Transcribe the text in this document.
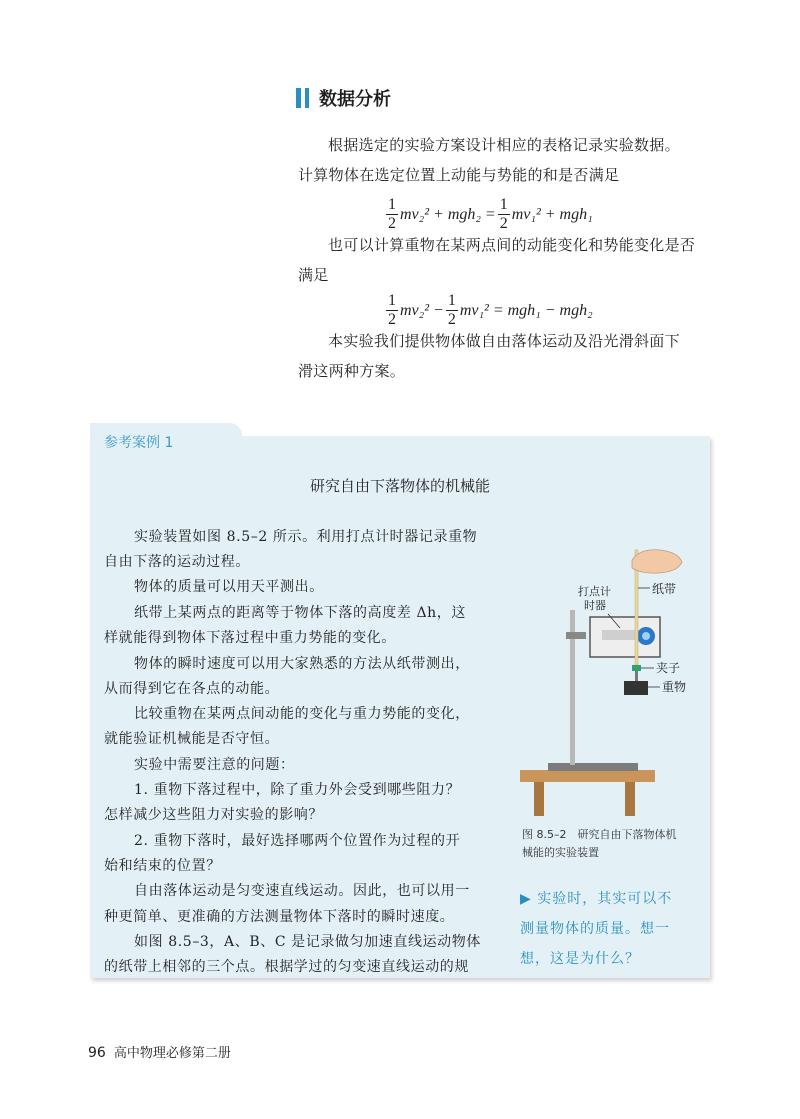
数据分析
根据选定的实验方案设计相应的表格记录实验数据。
计算物体在选定位置上动能与势能的和是否满足
$\frac{1}{2} mv_2^2 + mgh_2 = \frac{1}{2} mv_1^2 + mgh_1$
也可以计算重物在某两点间的动能变化和势能变化是否
满足
$\frac{1}{2} mv_2^2 - \frac{1}{2} mv_1^2 = mgh_1 - mgh_2$
本实验我们提供物体做自由落体运动及沿光滑斜面下
滑这两种方案。
参考案例 1
研究自由下落物体的机械能
实验装置如图 8.5–2 所示。利用打点计时器记录重物
自由下落的运动过程。
物体的质量可以用天平测出。
纸带上某两点的距离等于物体下落的高度差 Δh，这
样就能得到物体下落过程中重力势能的变化。
物体的瞬时速度可以用大家熟悉的方法从纸带测出，
从而得到它在各点的动能。
比较重物在某两点间动能的变化与重力势能的变化，
就能验证机械能是否守恒。
实验中需要注意的问题：
1. 重物下落过程中，除了重力外会受到哪些阻力？
怎样减少这些阻力对实验的影响？
2. 重物下落时，最好选择哪两个位置作为过程的开
始和结束的位置？
自由落体运动是匀变速直线运动。因此，也可以用一
种更简单、更准确的方法测量物体下落时的瞬时速度。
如图 8.5–3，A、B、C 是记录做匀加速直线运动物体
的纸带上相邻的三个点。根据学过的匀变速直线运动的规
纸带
打点计
时器
夹子
重物
图 8.5–2　研究自由下落物体机
械能的实验装置
▶ 实验时，其实可以不
测量物体的质量。想一
想，这是为什么？
96 高中物理必修第二册
